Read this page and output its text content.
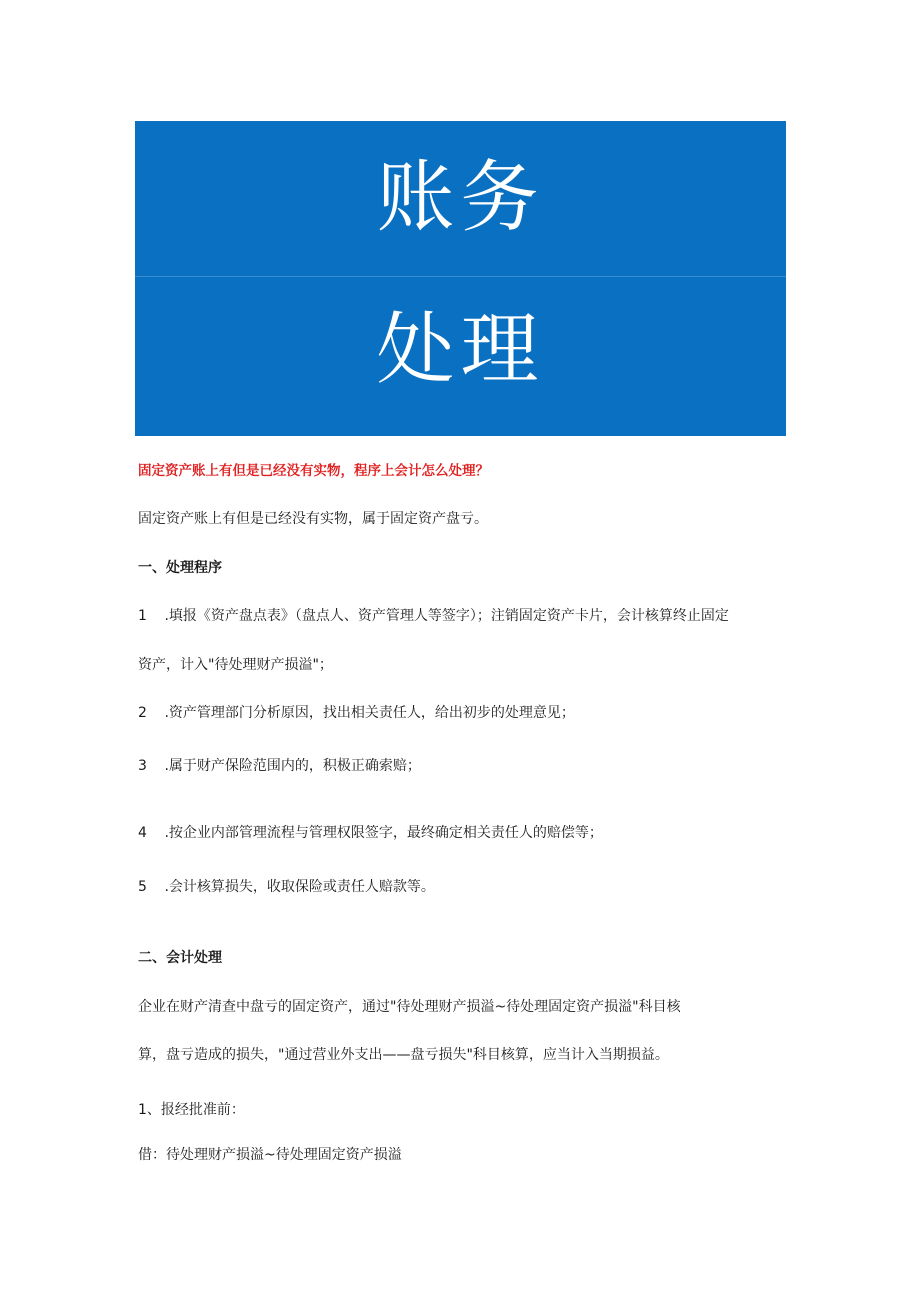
账务
处理
固定资产账上有但是已经没有实物，程序上会计怎么处理？
固定资产账上有但是已经没有实物，属于固定资产盘亏。
一、处理程序
1 .填报《资产盘点表》（盘点人、资产管理人等签字）；注销固定资产卡片，会计核算终止固定
资产，计入"待处理财产损溢"；
2 .资产管理部门分析原因，找出相关责任人，给出初步的处理意见；
3 .属于财产保险范围内的，积极正确索赔；
4 .按企业内部管理流程与管理权限签字，最终确定相关责任人的赔偿等；
5 .会计核算损失，收取保险或责任人赔款等。
二、会计处理
企业在财产清查中盘亏的固定资产，通过"待处理财产损溢~待处理固定资产损溢"科目核
算，盘亏造成的损失，"通过营业外支出——盘亏损失"科目核算，应当计入当期损益。
1、报经批准前：
借：待处理财产损溢~待处理固定资产损溢
